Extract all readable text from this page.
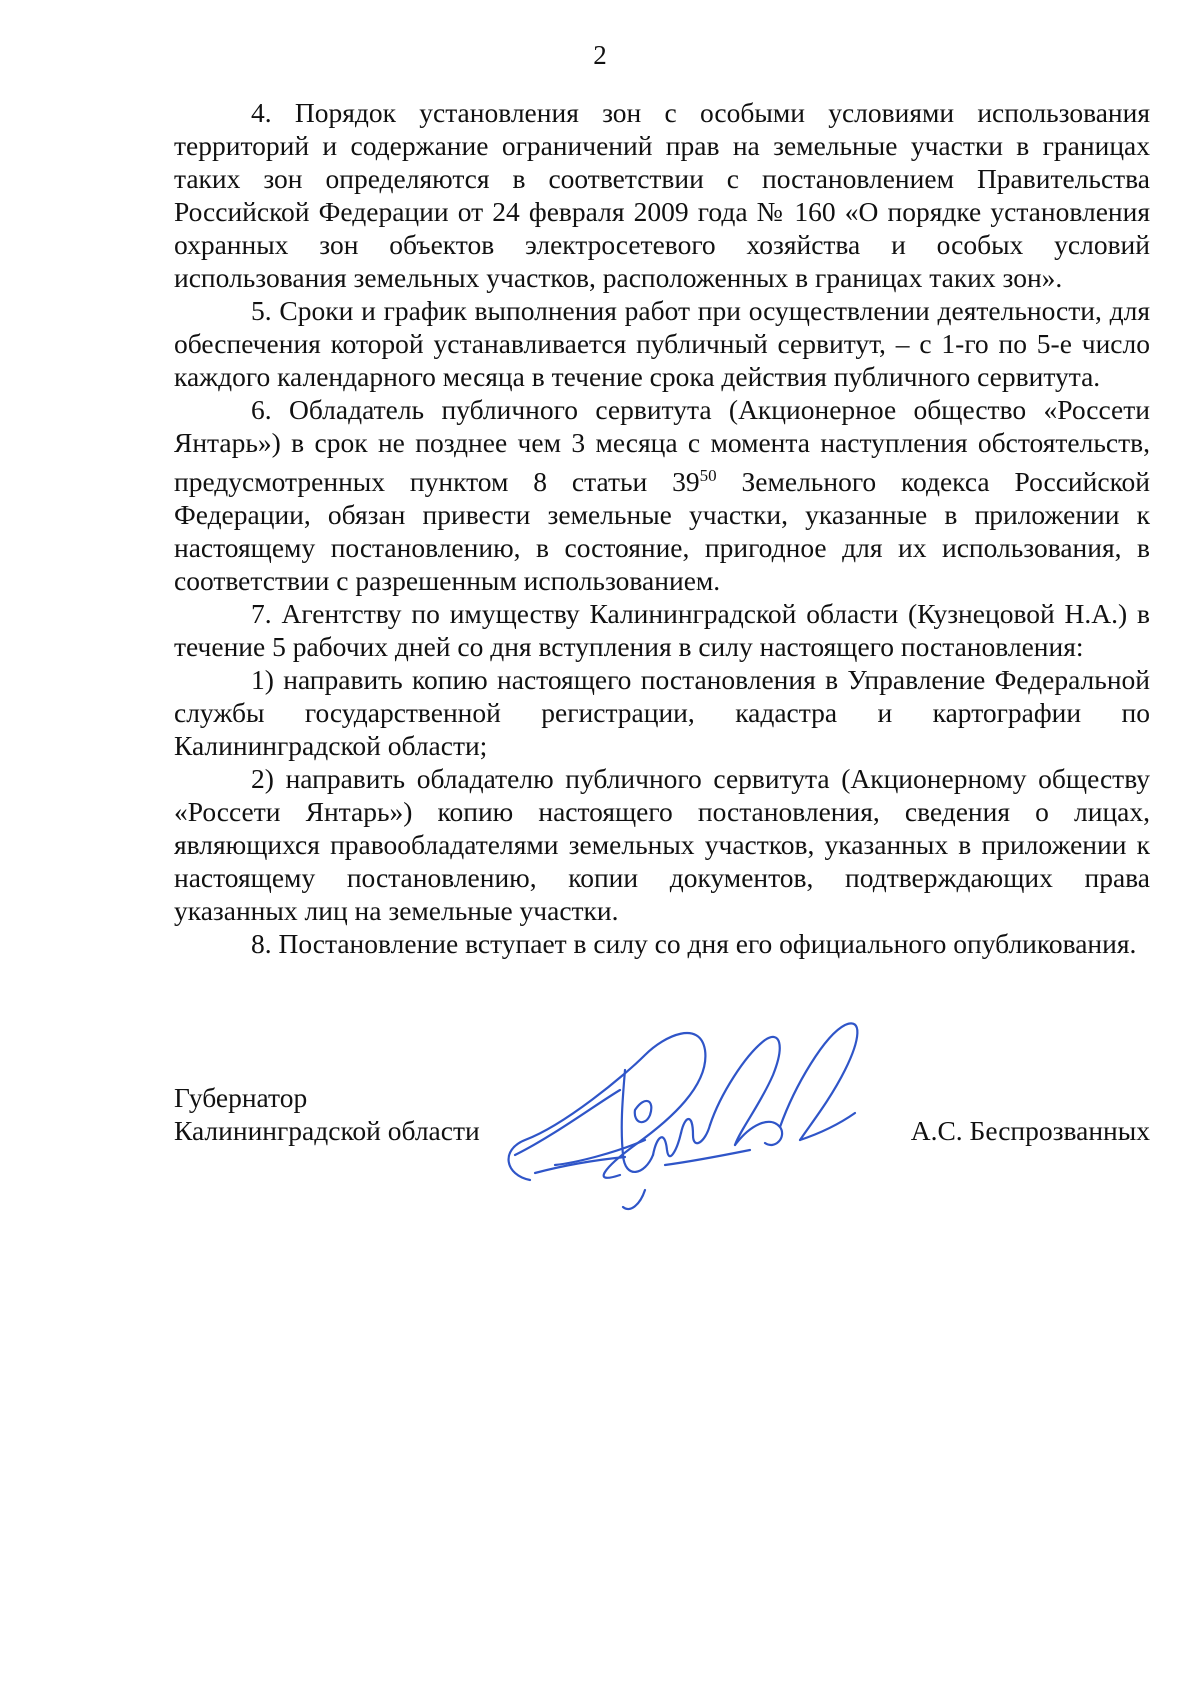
2

4. Порядок установления зон с особыми условиями использования территорий и содержание ограничений прав на земельные участки в границах таких зон определяются в соответствии с постановлением Правительства Российской Федерации от 24 февраля 2009 года № 160 «О порядке установления охранных зон объектов электросетевого хозяйства и особых условий использования земельных участков, расположенных в границах таких зон».

5. Сроки и график выполнения работ при осуществлении деятельности, для обеспечения которой устанавливается публичный сервитут, – с 1-го по 5-е число каждого календарного месяца в течение срока действия публичного сервитута.

6. Обладатель публичного сервитута (Акционерное общество «Россети Янтарь») в срок не позднее чем 3 месяца с момента наступления обстоятельств, предусмотренных пунктом 8 статьи $39^{50}$ Земельного кодекса Российской Федерации, обязан привести земельные участки, указанные в приложении к настоящему постановлению, в состояние, пригодное для их использования, в соответствии с разрешенным использованием.

7. Агентству по имуществу Калининградской области (Кузнецовой Н.А.) в течение 5 рабочих дней со дня вступления в силу настоящего постановления:

1) направить копию настоящего постановления в Управление Федеральной службы государственной регистрации, кадастра и картографии по Калининградской области;

2) направить обладателю публичного сервитута (Акционерному обществу «Россети Янтарь») копию настоящего постановления, сведения о лицах, являющихся правообладателями земельных участков, указанных в приложении к настоящему постановлению, копии документов, подтверждающих права указанных лиц на земельные участки.

8. Постановление вступает в силу со дня его официального опубликования.

Губернатор
Калининградской области	А.С. Беспрозванных
